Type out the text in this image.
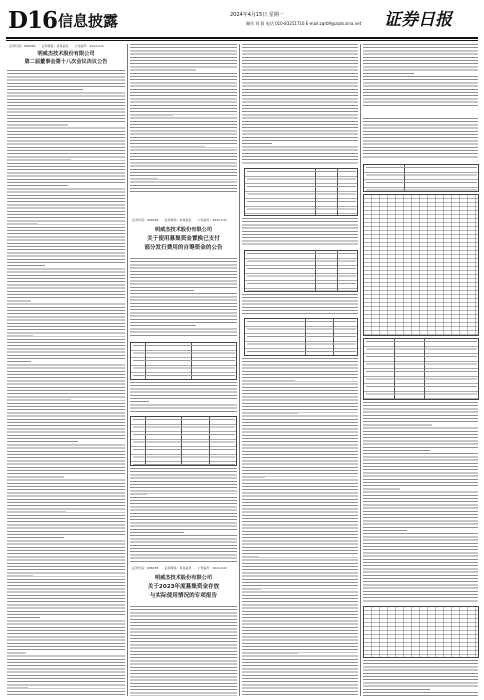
D16 信息披露	2024年4月15日 星期一
制作 刘 莉 电话 010-83251716 E-mail:zqrb9@zqrb.sina.net 证券日报
证券代码：688258　　证券简称：卓易信息　　公告编号：2024-011
明威杰技术股份有限公司
第二届董事会第十八次会议决议公告
证券代码：688258　　证券简称：卓易信息　　公告编号：2024-012
明威杰技术股份有限公司
关于使用募集资金置换已支付
部分发行费用的自筹资金的公告
证券代码：688258　　证券简称：卓易信息　　公告编号：2024-013
明威杰技术股份有限公司
关于2023年度募集资金存放
与实际使用情况的专项报告
